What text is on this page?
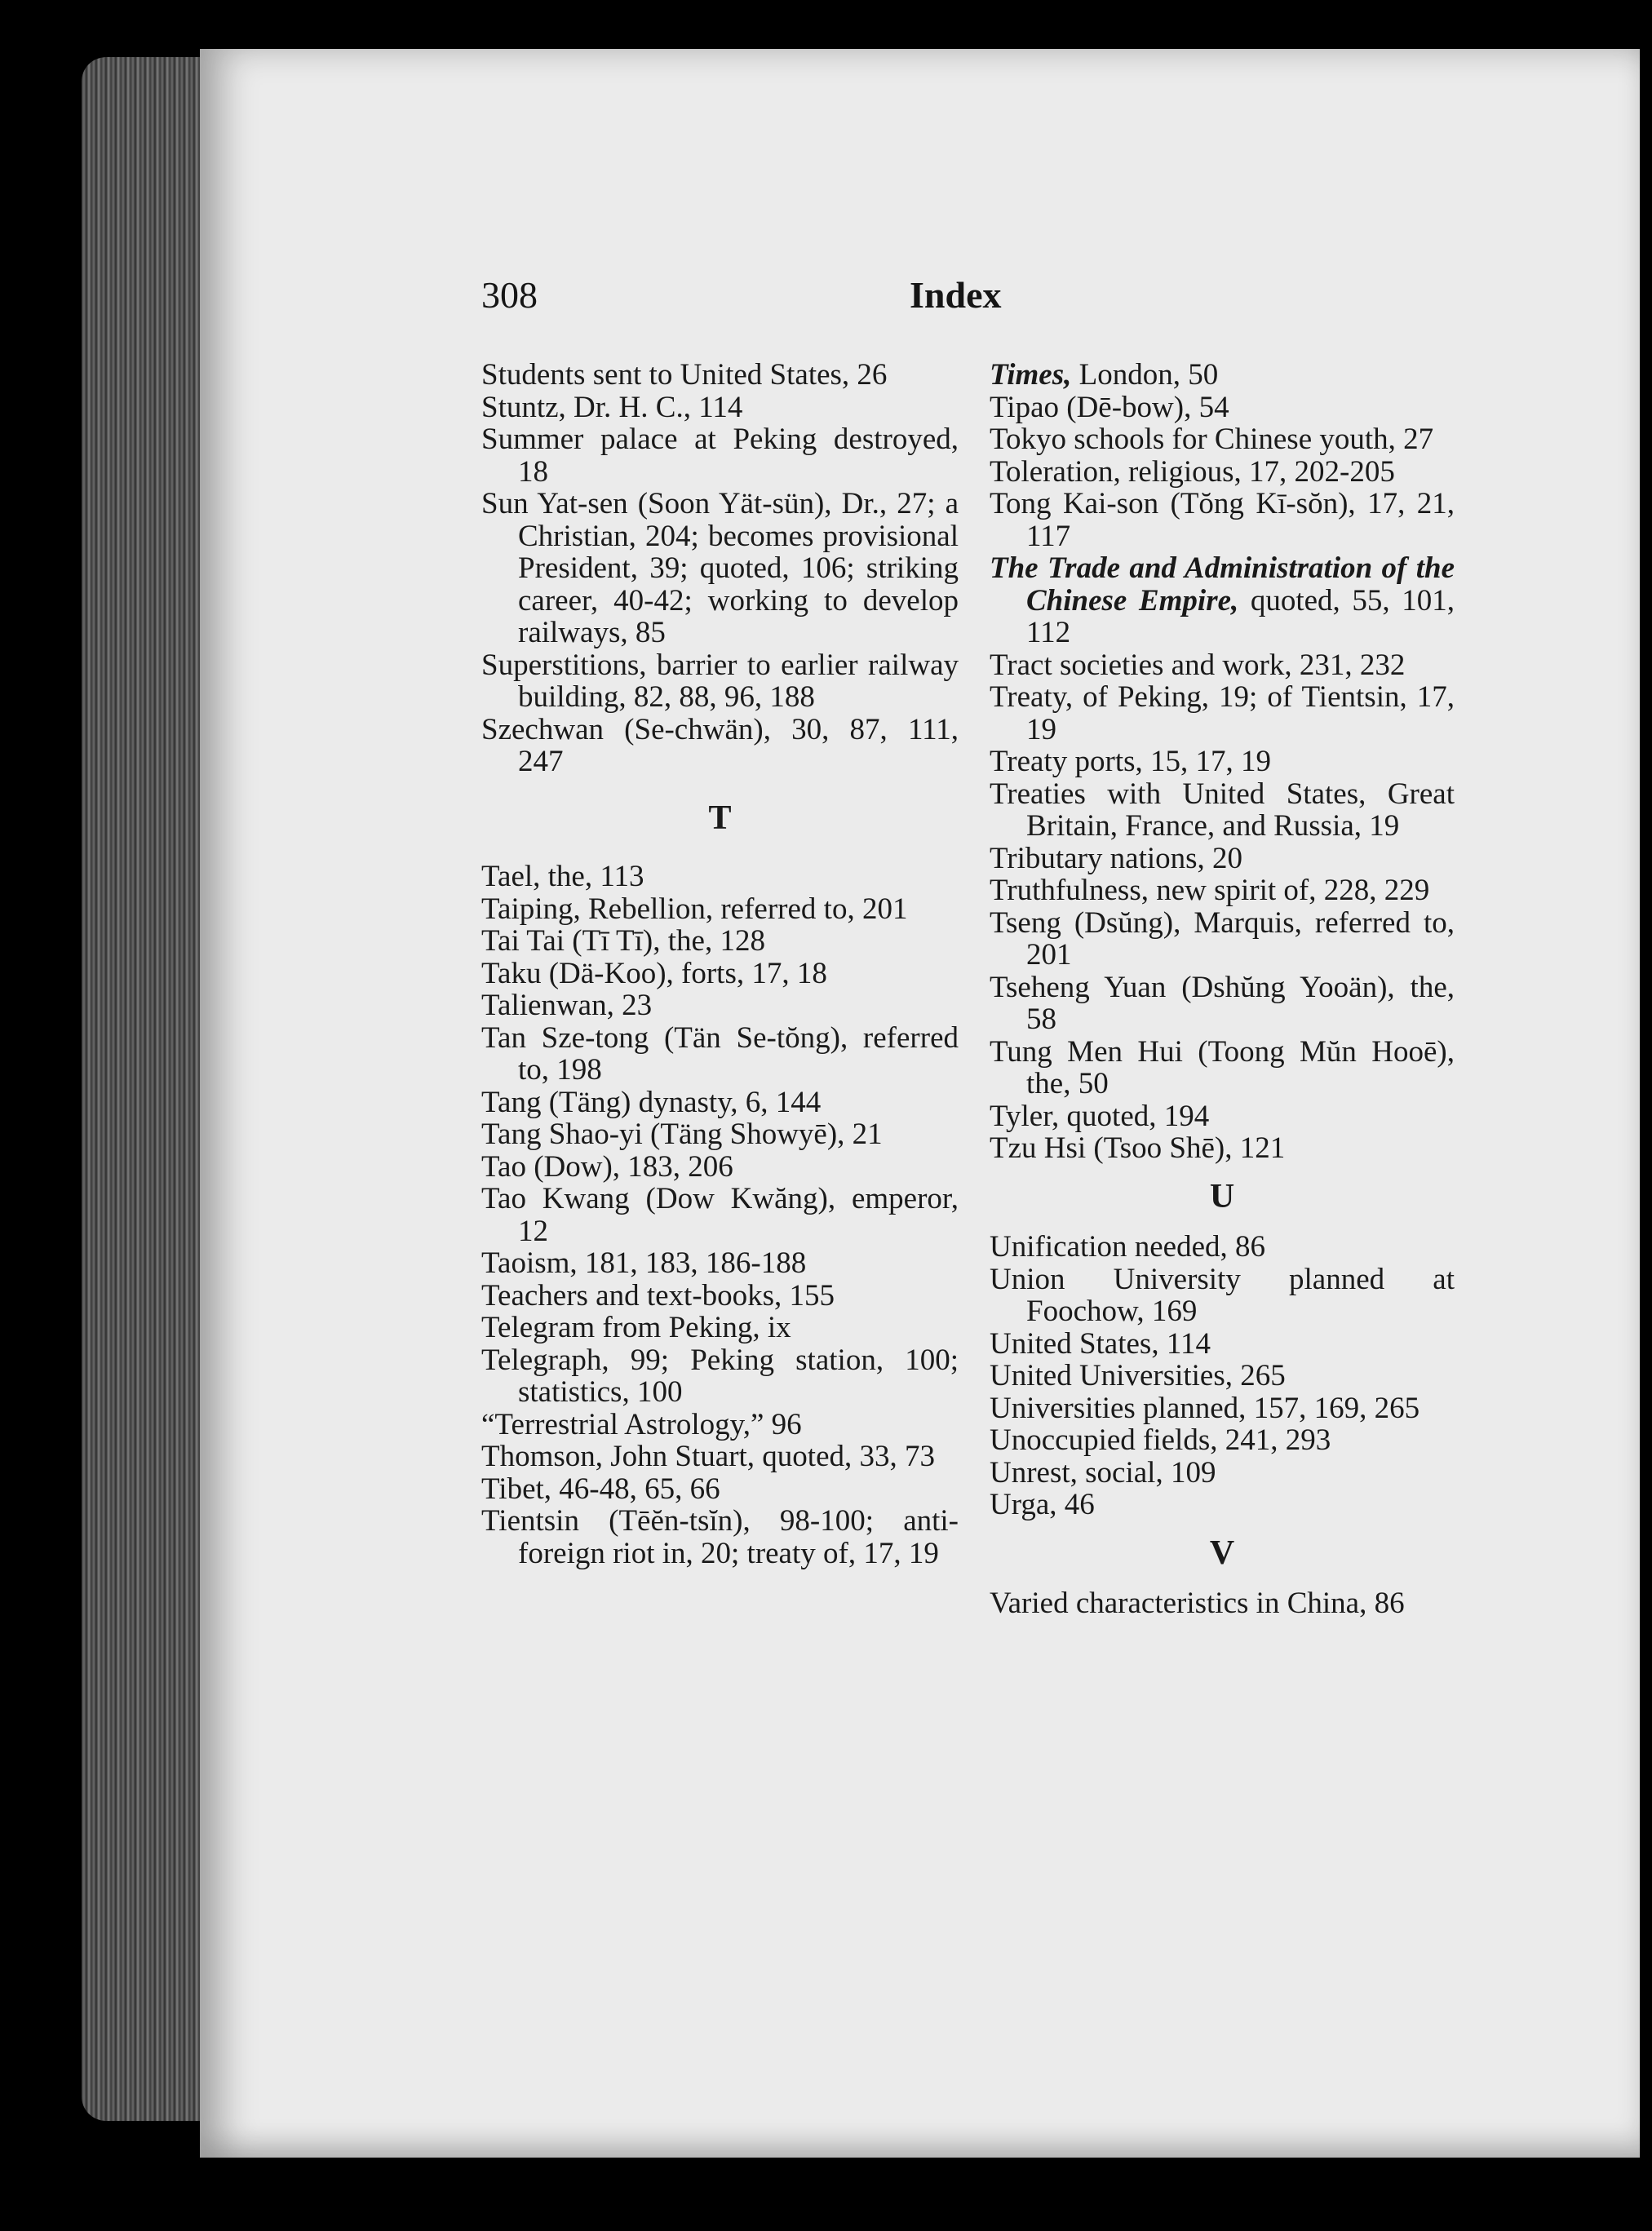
308	Index

Students sent to United States, 26

Stuntz, Dr. H. C., 114

Summer palace at Peking destroyed, 18

Sun Yat-sen (Soon Yät-sün), Dr., 27; a Christian, 204; becomes provisional President, 39; quoted, 106; striking career, 40-42; working to develop railways, 85

Superstitions, barrier to earlier railway building, 82, 88, 96, 188

Szechwan (Se-chwän), 30, 87, 111, 247

T

Tael, the, 113

Taiping, Rebellion, referred to, 201

Tai Tai (Tī Tī), the, 128

Taku (Dä-Koo), forts, 17, 18

Talienwan, 23

Tan Sze-tong (Tän Se-tŏng), referred to, 198

Tang (Täng) dynasty, 6, 144

Tang Shao-yi (Täng Showyē), 21

Tao (Dow), 183, 206

Tao Kwang (Dow Kwăng), emperor, 12

Taoism, 181, 183, 186-188

Teachers and text-books, 155

Telegram from Peking, ix

Telegraph, 99; Peking station, 100; statistics, 100

“Terrestrial Astrology,” 96

Thomson, John Stuart, quoted, 33, 73

Tibet, 46-48, 65, 66

Tientsin (Tēĕn-tsĭn), 98-100; anti-foreign riot in, 20; treaty of, 17, 19

Times, London, 50

Tipao (Dē-bow), 54

Tokyo schools for Chinese youth, 27

Toleration, religious, 17, 202-205

Tong Kai-son (Tŏng Kī-sŏn), 17, 21, 117

The Trade and Administration of the Chinese Empire, quoted, 55, 101, 112

Tract societies and work, 231, 232

Treaty, of Peking, 19; of Tientsin, 17, 19

Treaty ports, 15, 17, 19

Treaties with United States, Great Britain, France, and Russia, 19

Tributary nations, 20

Truthfulness, new spirit of, 228, 229

Tseng (Dsŭng), Marquis, referred to, 201

Tseheng Yuan (Dshŭng Yooän), the, 58

Tung Men Hui (Toong Mŭn Hooē), the, 50

Tyler, quoted, 194

Tzu Hsi (Tsoo Shē), 121

U

Unification needed, 86

Union University planned at Foochow, 169

United States, 114

United Universities, 265

Universities planned, 157, 169, 265

Unoccupied fields, 241, 293

Unrest, social, 109

Urga, 46

V

Varied characteristics in China, 86
